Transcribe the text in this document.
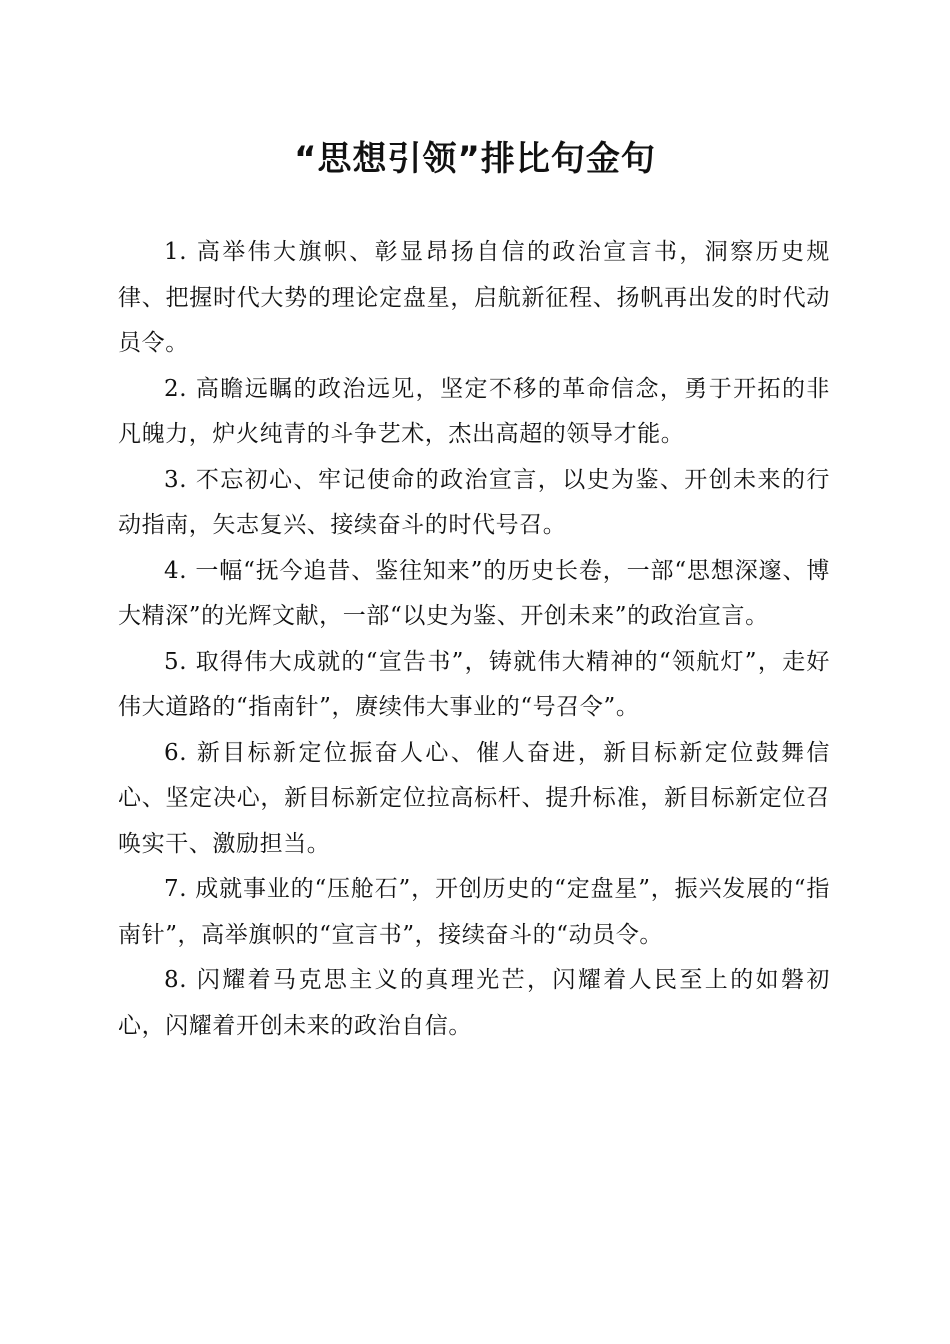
“思想引领”排比句金句

1. 高举伟大旗帜、彰显昂扬自信的政治宣言书，洞察历史规律、把握时代大势的理论定盘星，启航新征程、扬帆再出发的时代动员令。

2. 高瞻远瞩的政治远见，坚定不移的革命信念，勇于开拓的非凡魄力，炉火纯青的斗争艺术，杰出高超的领导才能。

3. 不忘初心、牢记使命的政治宣言，以史为鉴、开创未来的行动指南，矢志复兴、接续奋斗的时代号召。

4. 一幅“抚今追昔、鉴往知来”的历史长卷，一部“思想深邃、博大精深”的光辉文献，一部“以史为鉴、开创未来”的政治宣言。

5. 取得伟大成就的“宣告书”，铸就伟大精神的“领航灯”，走好伟大道路的“指南针”，赓续伟大事业的“号召令”。

6. 新目标新定位振奋人心、催人奋进，新目标新定位鼓舞信心、坚定决心，新目标新定位拉高标杆、提升标准，新目标新定位召唤实干、激励担当。

7. 成就事业的“压舱石”，开创历史的“定盘星”，振兴发展的“指南针”，高举旗帜的“宣言书”，接续奋斗的“动员令。

8. 闪耀着马克思主义的真理光芒，闪耀着人民至上的如磐初心，闪耀着开创未来的政治自信。
